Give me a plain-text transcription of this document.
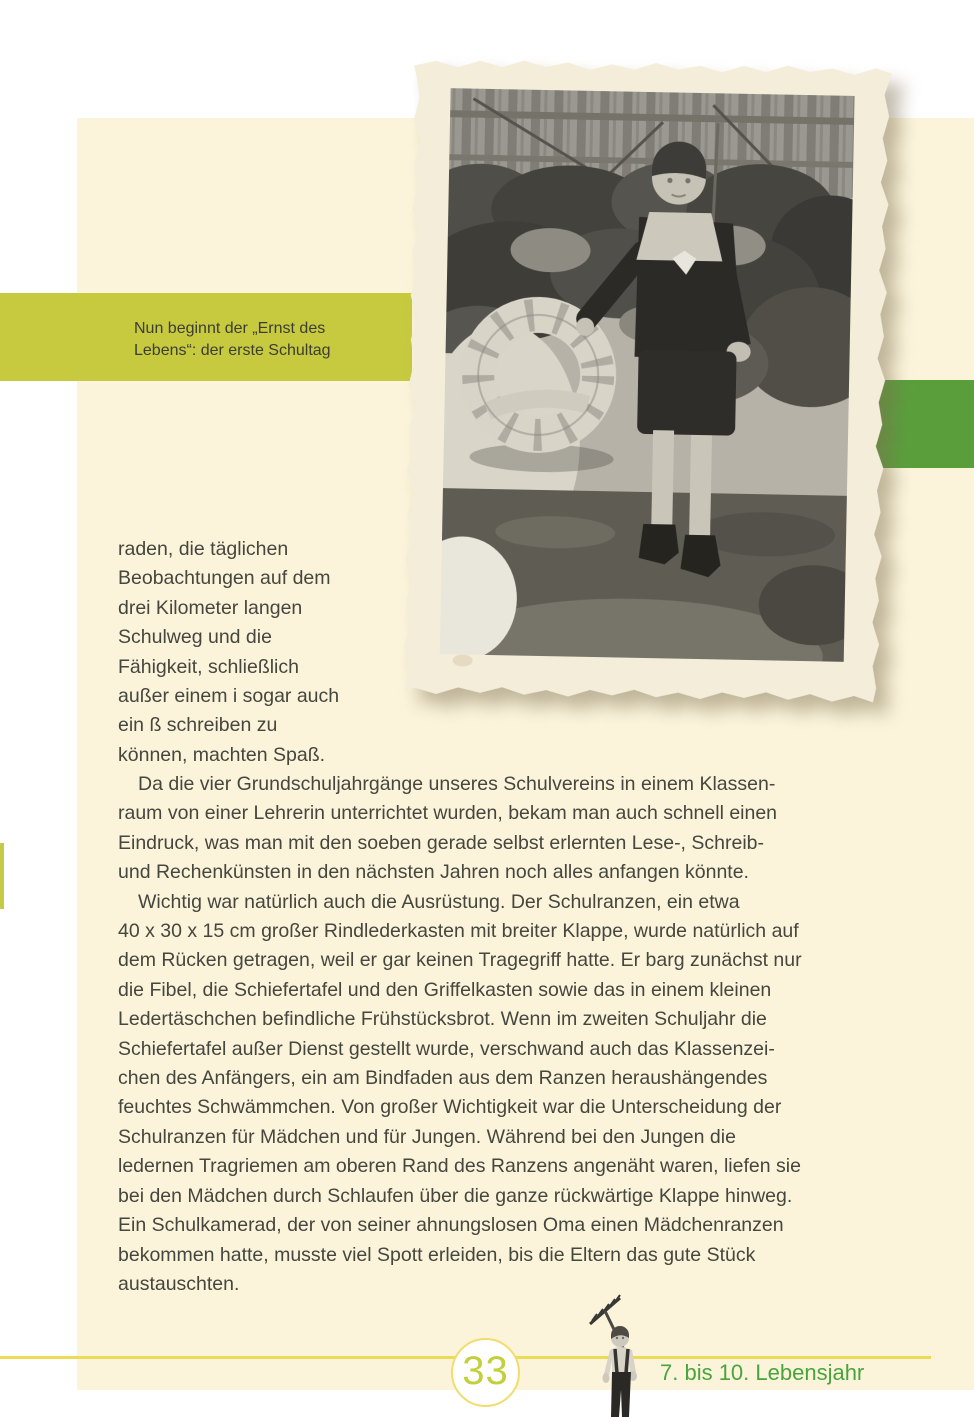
Nun beginnt der „Ernst des
Lebens“: der erste Schultag
raden, die täglichen
Beobachtungen auf dem
drei Kilometer langen
Schulweg und die
Fähigkeit, schließlich
außer einem i sogar auch
ein ß schreiben zu
können, machten Spaß.
Da die vier Grundschuljahrgänge unseres Schulvereins in einem Klassen-
raum von einer Lehrerin unterrichtet wurden, bekam man auch schnell einen
Eindruck, was man mit den soeben gerade selbst erlernten Lese-, Schreib-
und Rechenkünsten in den nächsten Jahren noch alles anfangen könnte.
Wichtig war natürlich auch die Ausrüstung. Der Schulranzen, ein etwa
40 x 30 x 15 cm großer Rindlederkasten mit breiter Klappe, wurde natürlich auf
dem Rücken getragen, weil er gar keinen Tragegriff hatte. Er barg zunächst nur
die Fibel, die Schiefertafel und den Griffelkasten sowie das in einem kleinen
Ledertäschchen befindliche Frühstücksbrot. Wenn im zweiten Schuljahr die
Schiefertafel außer Dienst gestellt wurde, verschwand auch das Klassenzei-
chen des Anfängers, ein am Bindfaden aus dem Ranzen heraushängendes
feuchtes Schwämmchen. Von großer Wichtigkeit war die Unterscheidung der
Schulranzen für Mädchen und für Jungen. Während bei den Jungen die
ledernen Tragriemen am oberen Rand des Ranzens angenäht waren, liefen sie
bei den Mädchen durch Schlaufen über die ganze rückwärtige Klappe hinweg.
Ein Schulkamerad, der von seiner ahnungslosen Oma einen Mädchenranzen
bekommen hatte, musste viel Spott erleiden, bis die Eltern das gute Stück
austauschten.
33	7. bis 10. Lebensjahr
